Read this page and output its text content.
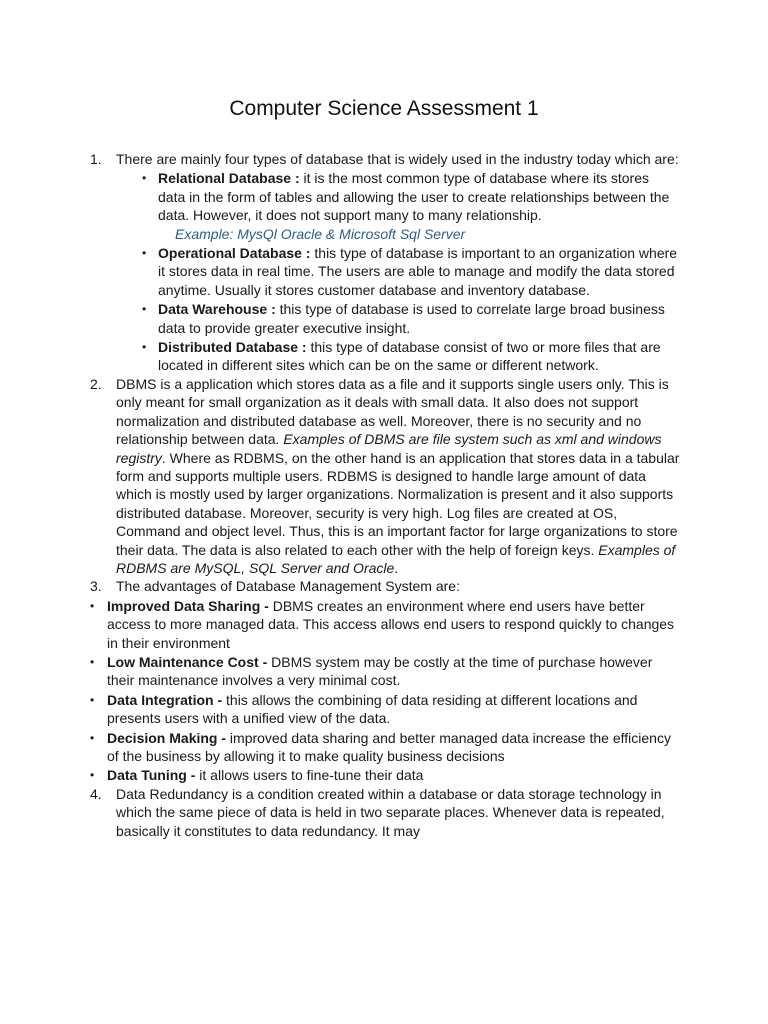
Computer Science Assessment 1
1. There are mainly four types of database that is widely used in the industry today which are:
• Relational Database : it is the most common type of database where its stores data in the form of tables and allowing the user to create relationships between the data. However, it does not support many to many relationship.
Example: MysQl Oracle & Microsoft Sql Server
• Operational Database : this type of database is important to an organization where it stores data in real time. The users are able to manage and modify the data stored anytime. Usually it stores customer database and inventory database.
• Data Warehouse : this type of database is used to correlate large broad business data to provide greater executive insight.
• Distributed Database : this type of database consist of two or more files that are located in different sites which can be on the same or different network.
2. DBMS is a application which stores data as a file and it supports single users only. This is only meant for small organization as it deals with small data. It also does not support normalization and distributed database as well. Moreover, there is no security and no relationship between data. Examples of DBMS are file system such as xml and windows registry. Where as RDBMS, on the other hand is an application that stores data in a tabular form and supports multiple users. RDBMS is designed to handle large amount of data which is mostly used by larger organizations. Normalization is present and it also supports distributed database. Moreover, security is very high. Log files are created at OS, Command and object level. Thus, this is an important factor for large organizations to store their data. The data is also related to each other with the help of foreign keys. Examples of RDBMS are MySQL, SQL Server and Oracle.
3. The advantages of Database Management System are:
• Improved Data Sharing - DBMS creates an environment where end users have better access to more managed data. This access allows end users to respond quickly to changes in their environment
• Low Maintenance Cost - DBMS system may be costly at the time of purchase however their maintenance involves a very minimal cost.
• Data Integration - this allows the combining of data residing at different locations and presents users with a unified view of the data.
• Decision Making - improved data sharing and better managed data increase the efficiency of the business by allowing it to make quality business decisions
• Data Tuning - it allows users to fine-tune their data
4. Data Redundancy is a condition created within a database or data storage technology in which the same piece of data is held in two separate places. Whenever data is repeated, basically it constitutes to data redundancy. It may
